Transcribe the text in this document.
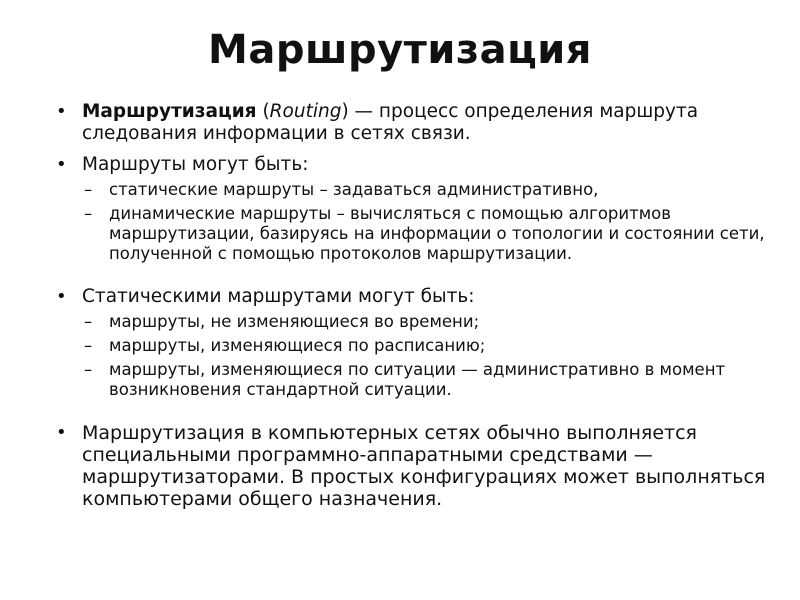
Маршрутизация
• Маршрутизация (Routing) — процесс определения маршрута следования информации в сетях связи.
• Маршруты могут быть:
– статические маршруты – задаваться административно,
– динамические маршруты – вычисляться с помощью алгоритмов маршрутизации, базируясь на информации о топологии и состоянии сети, полученной с помощью протоколов маршрутизации.
• Статическими маршрутами могут быть:
– маршруты, не изменяющиеся во времени;
– маршруты, изменяющиеся по расписанию;
– маршруты, изменяющиеся по ситуации — административно в момент возникновения стандартной ситуации.
• Маршрутизация в компьютерных сетях обычно выполняется специальными программно-аппаратными средствами — маршрутизаторами. В простых конфигурациях может выполняться компьютерами общего назначения.
